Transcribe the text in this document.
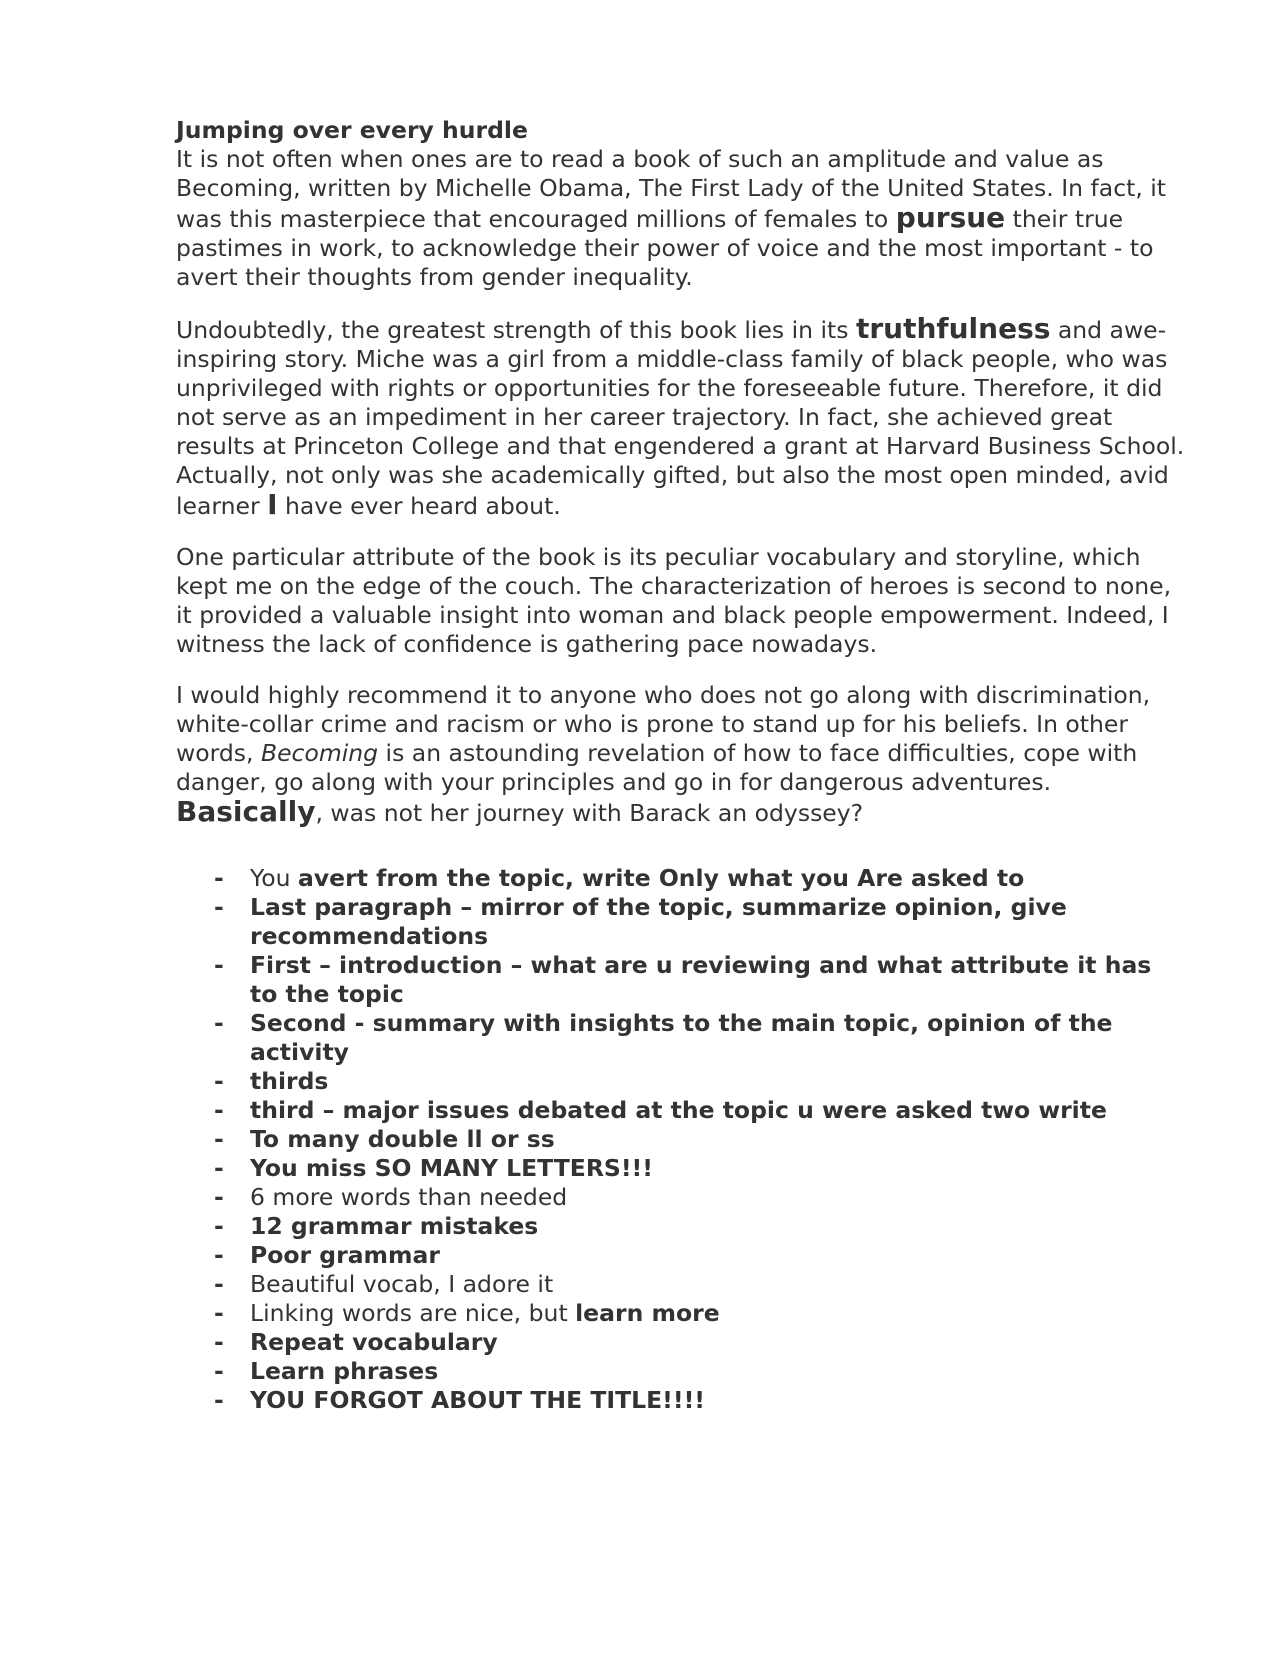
Jumping over every hurdle

It is not often when ones are to read a book of such an amplitude and value as Becoming, written by Michelle Obama, The First Lady of the United States. In fact, it was this masterpiece that encouraged millions of females to pursue their true pastimes in work, to acknowledge their power of voice and the most important - to avert their thoughts from gender inequality.

Undoubtedly, the greatest strength of this book lies in its truthfulness and awe-inspiring story. Miche was a girl from a middle-class family of black people, who was unprivileged with rights or opportunities for the foreseeable future. Therefore, it did not serve as an impediment in her career trajectory. In fact, she achieved great results at Princeton College and that engendered a grant at Harvard Business School. Actually, not only was she academically gifted, but also the most open minded, avid learner I have ever heard about.

One particular attribute of the book is its peculiar vocabulary and storyline, which kept me on the edge of the couch. The characterization of heroes is second to none, it provided a valuable insight into woman and black people empowerment. Indeed, I witness the lack of confidence is gathering pace nowadays.

I would highly recommend it to anyone who does not go along with discrimination, white-collar crime and racism or who is prone to stand up for his beliefs. In other words, Becoming is an astounding revelation of how to face difficulties, cope with danger, go along with your principles and go in for dangerous adventures. Basically, was not her journey with Barack an odyssey?

- You avert from the topic, write Only what you Are asked to
- Last paragraph – mirror of the topic, summarize opinion, give recommendations
- First – introduction – what are u reviewing and what attribute it has to the topic
- Second - summary with insights to the main topic, opinion of the activity
- thirds
- third – major issues debated at the topic u were asked two write
- To many double ll or ss
- You miss SO MANY LETTERS!!!
- 6 more words than needed
- 12 grammar mistakes
- Poor grammar
- Beautiful vocab, I adore it
- Linking words are nice, but learn more
- Repeat vocabulary
- Learn phrases
- YOU FORGOT ABOUT THE TITLE!!!!
